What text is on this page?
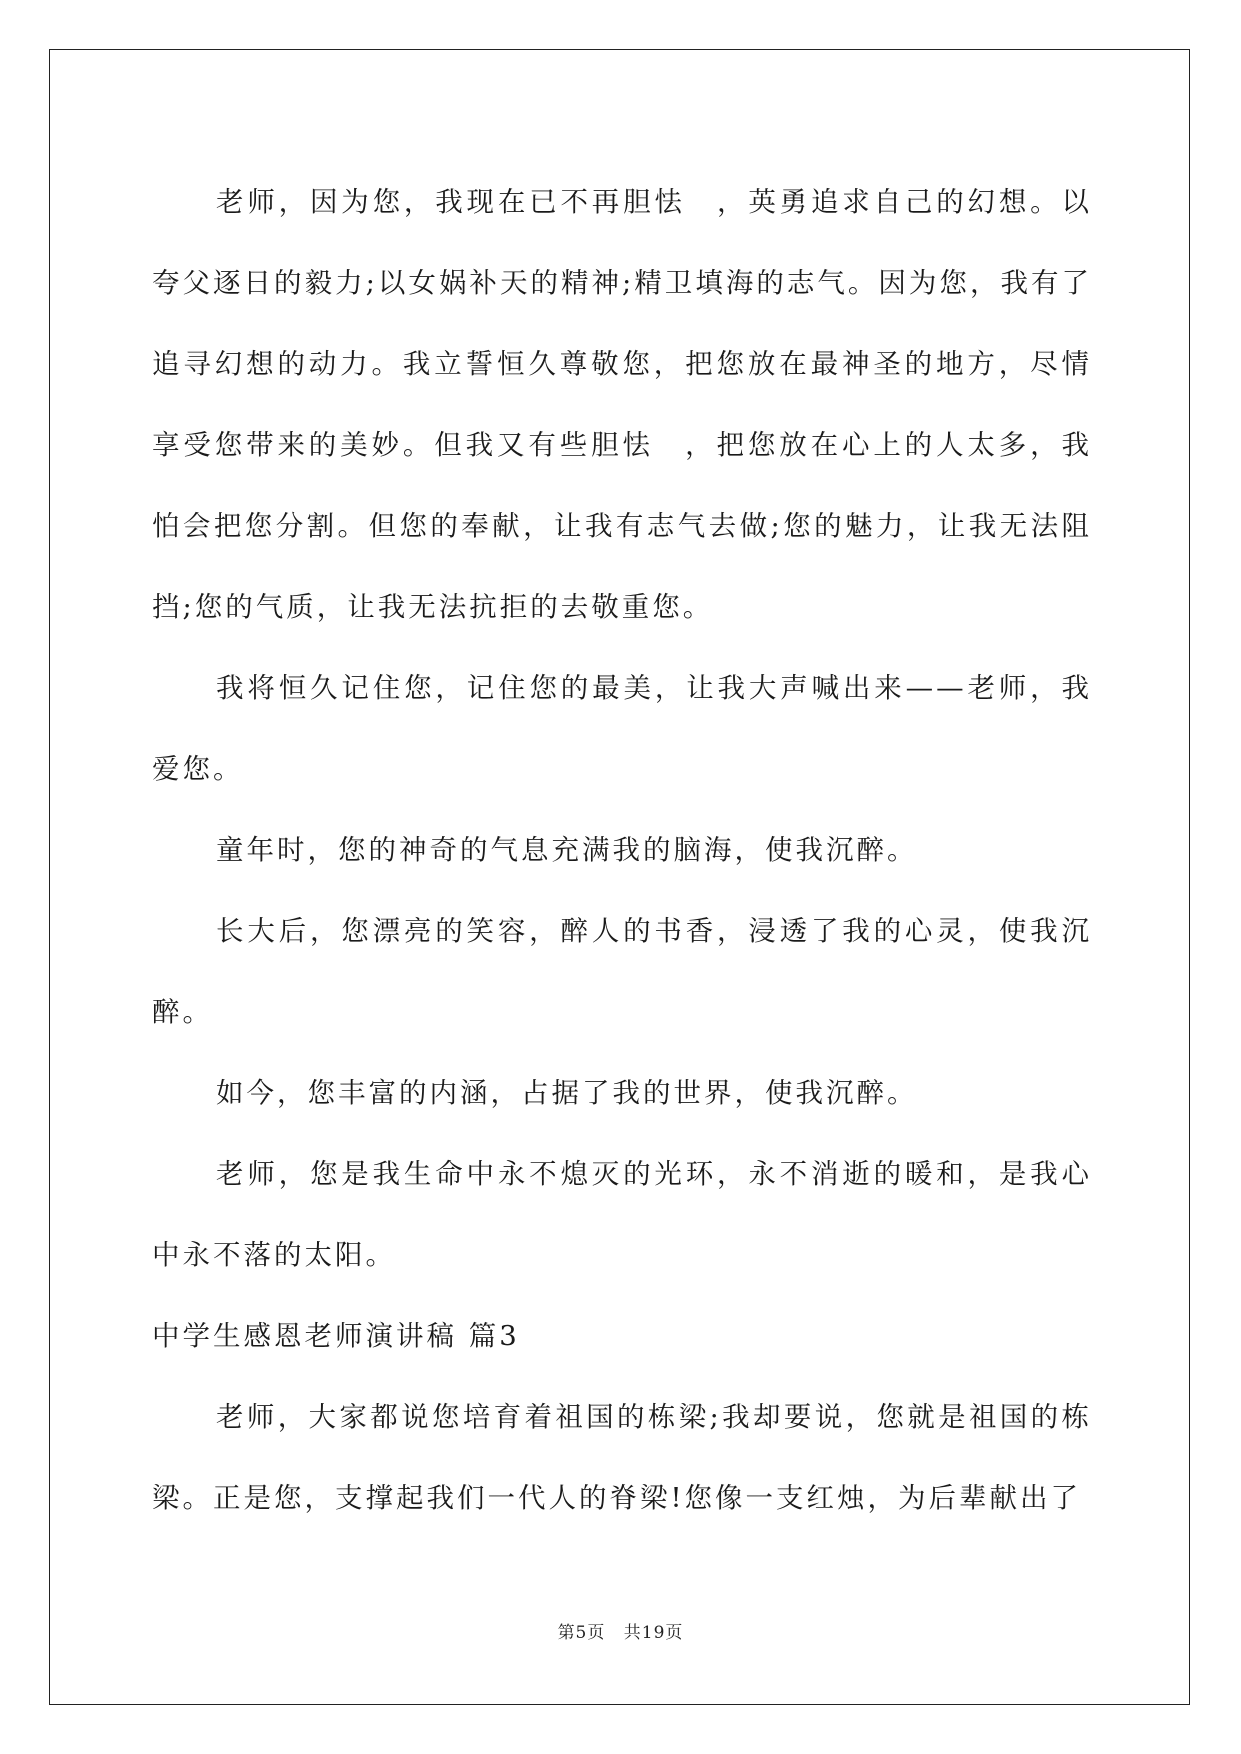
老师，因为您，我现在已不再胆怯　，英勇追求自己的幻想。以夸父逐日的毅力;以女娲补天的精神;精卫填海的志气。因为您，我有了追寻幻想的动力。我立誓恒久尊敬您，把您放在最神圣的地方，尽情享受您带来的美妙。但我又有些胆怯　，把您放在心上的人太多，我怕会把您分割。但您的奉献，让我有志气去做;您的魅力，让我无法阻挡;您的气质，让我无法抗拒的去敬重您。

我将恒久记住您，记住您的最美，让我大声喊出来——老师，我爱您。

童年时，您的神奇的气息充满我的脑海，使我沉醉。

长大后，您漂亮的笑容，醉人的书香，浸透了我的心灵，使我沉醉。

如今，您丰富的内涵，占据了我的世界，使我沉醉。

老师，您是我生命中永不熄灭的光环，永不消逝的暖和，是我心中永不落的太阳。

中学生感恩老师演讲稿 篇3

老师，大家都说您培育着祖国的栋梁;我却要说，您就是祖国的栋梁。正是您，支撑起我们一代人的脊梁!您像一支红烛，为后辈献出了

第5页 共19页
